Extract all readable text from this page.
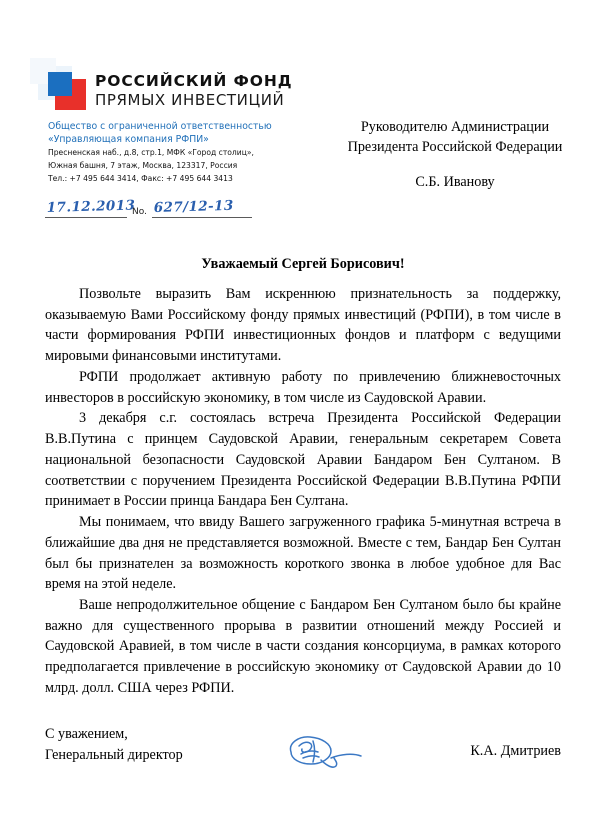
РОССИЙСКИЙ ФОНД
ПРЯМЫХ ИНВЕСТИЦИЙ
Общество с ограниченной ответственностью
«Управляющая компания РФПИ»
Пресненская наб., д.8, стр.1, МФК «Город столиц»,
Южная башня, 7 этаж, Москва, 123317, Россия
Тел.: +7 495 644 3414, Факс: +7 495 644 3413
17.12.2013
No. 627/12-13
Руководителю Администрации
Президента Российской Федерации
С.Б. Иванову
Уважаемый Сергей Борисович!

Позвольте выразить Вам искреннюю признательность за поддержку, оказываемую Вами Российскому фонду прямых инвестиций (РФПИ), в том числе в части формирования РФПИ инвестиционных фондов и платформ с ведущими мировыми финансовыми институтами.

РФПИ продолжает активную работу по привлечению ближневосточных инвесторов в российскую экономику, в том числе из Саудовской Аравии.

3 декабря с.г. состоялась встреча Президента Российской Федерации В.В.Путина с принцем Саудовской Аравии, генеральным секретарем Совета национальной безопасности Саудовской Аравии Бандаром Бен Султаном. В соответствии с поручением Президента Российской Федерации В.В.Путина РФПИ принимает в России принца Бандара Бен Султана.

Мы понимаем, что ввиду Вашего загруженного графика 5-минутная встреча в ближайшие два дня не представляется возможной. Вместе с тем, Бандар Бен Султан был бы признателен за возможность короткого звонка в любое удобное для Вас время на этой неделе.

Ваше непродолжительное общение с Бандаром Бен Султаном было бы крайне важно для существенного прорыва в развитии отношений между Россией и Саудовской Аравией, в том числе в части создания консорциума, в рамках которого предполагается привлечение в российскую экономику от Саудовской Аравии до 10 млрд. долл. США через РФПИ.

С уважением,
Генеральный директор	К.А. Дмитриев
